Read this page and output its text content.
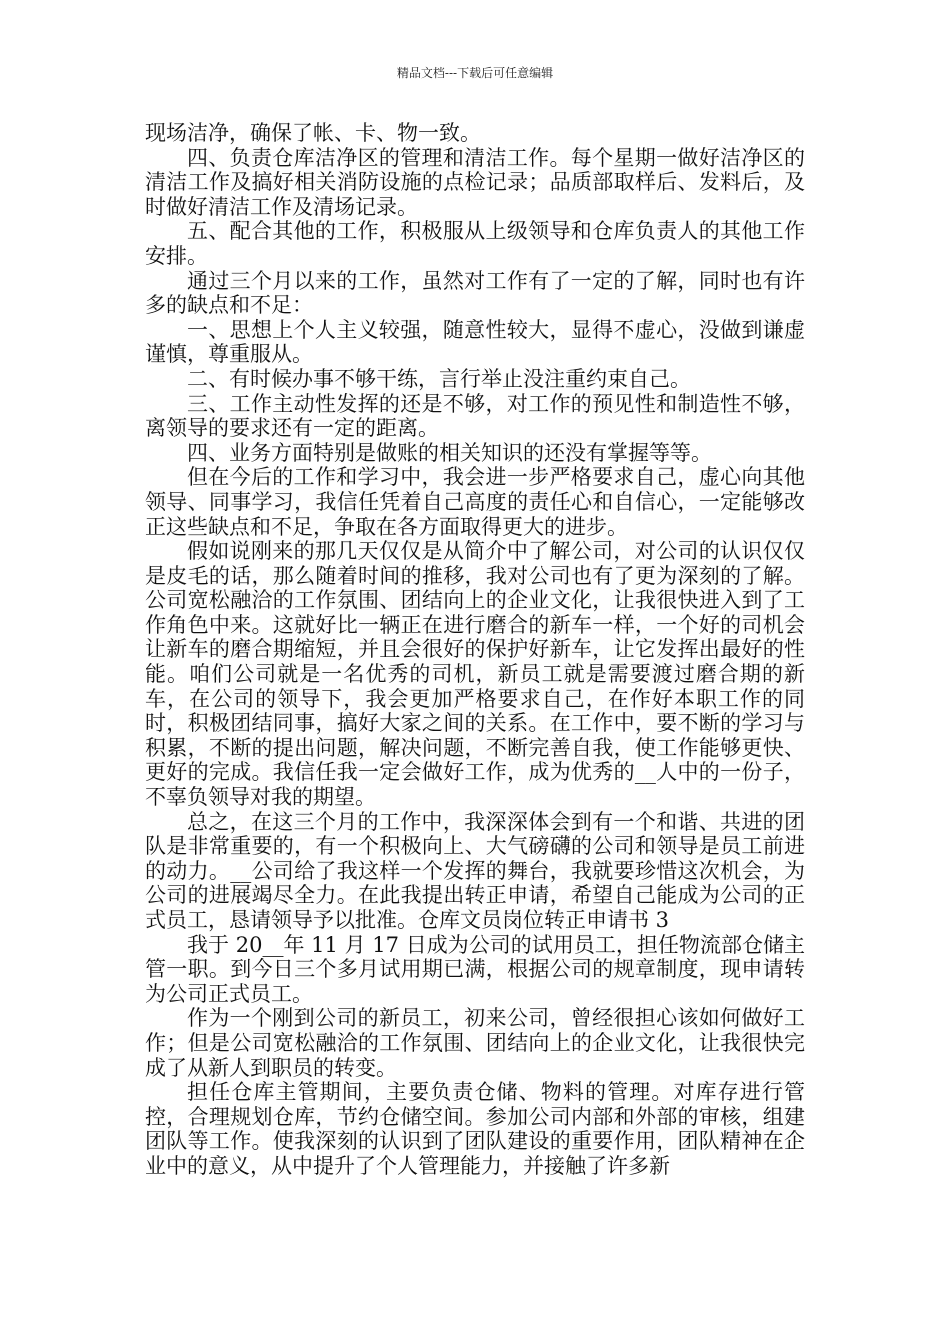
精品文档---下载后可任意编辑

现场洁净，确保了帐、卡、物一致。

四、负责仓库洁净区的管理和清洁工作。每个星期一做好洁净区的清洁工作及搞好相关消防设施的点检记录；品质部取样后、发料后，及时做好清洁工作及清场记录。

五、配合其他的工作，积极服从上级领导和仓库负责人的其他工作安排。

通过三个月以来的工作，虽然对工作有了一定的了解，同时也有许多的缺点和不足：

一、思想上个人主义较强，随意性较大，显得不虚心，没做到谦虚谨慎，尊重服从。

二、有时候办事不够干练，言行举止没注重约束自己。

三、工作主动性发挥的还是不够，对工作的预见性和制造性不够，离领导的要求还有一定的距离。

四、业务方面特别是做账的相关知识的还没有掌握等等。

但在今后的工作和学习中，我会进一步严格要求自己，虚心向其他领导、同事学习，我信任凭着自己高度的责任心和自信心，一定能够改正这些缺点和不足，争取在各方面取得更大的进步。

假如说刚来的那几天仅仅是从简介中了解公司，对公司的认识仅仅是皮毛的话，那么随着时间的推移，我对公司也有了更为深刻的了解。公司宽松融洽的工作氛围、团结向上的企业文化，让我很快进入到了工作角色中来。这就好比一辆正在进行磨合的新车一样，一个好的司机会让新车的磨合期缩短，并且会很好的保护好新车，让它发挥出最好的性能。咱们公司就是一名优秀的司机，新员工就是需要渡过磨合期的新车，在公司的领导下，我会更加严格要求自己，在作好本职工作的同时，积极团结同事，搞好大家之间的关系。在工作中，要不断的学习与积累，不断的提出问题，解决问题，不断完善自我，使工作能够更快、更好的完成。我信任我一定会做好工作，成为优秀的__人中的一份子，不辜负领导对我的期望。

总之，在这三个月的工作中，我深深体会到有一个和谐、共进的团队是非常重要的，有一个积极向上、大气磅礴的公司和领导是员工前进的动力。__公司给了我这样一个发挥的舞台，我就要珍惜这次机会，为公司的进展竭尽全力。在此我提出转正申请，希望自己能成为公司的正式员工，恳请领导予以批准。仓库文员岗位转正申请书 3

我于 20__年 11 月 17 日成为公司的试用员工，担任物流部仓储主管一职。到今日三个多月试用期已满，根据公司的规章制度，现申请转为公司正式员工。

作为一个刚到公司的新员工，初来公司，曾经很担心该如何做好工作；但是公司宽松融洽的工作氛围、团结向上的企业文化，让我很快完成了从新人到职员的转变。

担任仓库主管期间，主要负责仓储、物料的管理。对库存进行管控，合理规划仓库，节约仓储空间。参加公司内部和外部的审核，组建团队等工作。使我深刻的认识到了团队建设的重要作用，团队精神在企业中的意义，从中提升了个人管理能力，并接触了许多新
